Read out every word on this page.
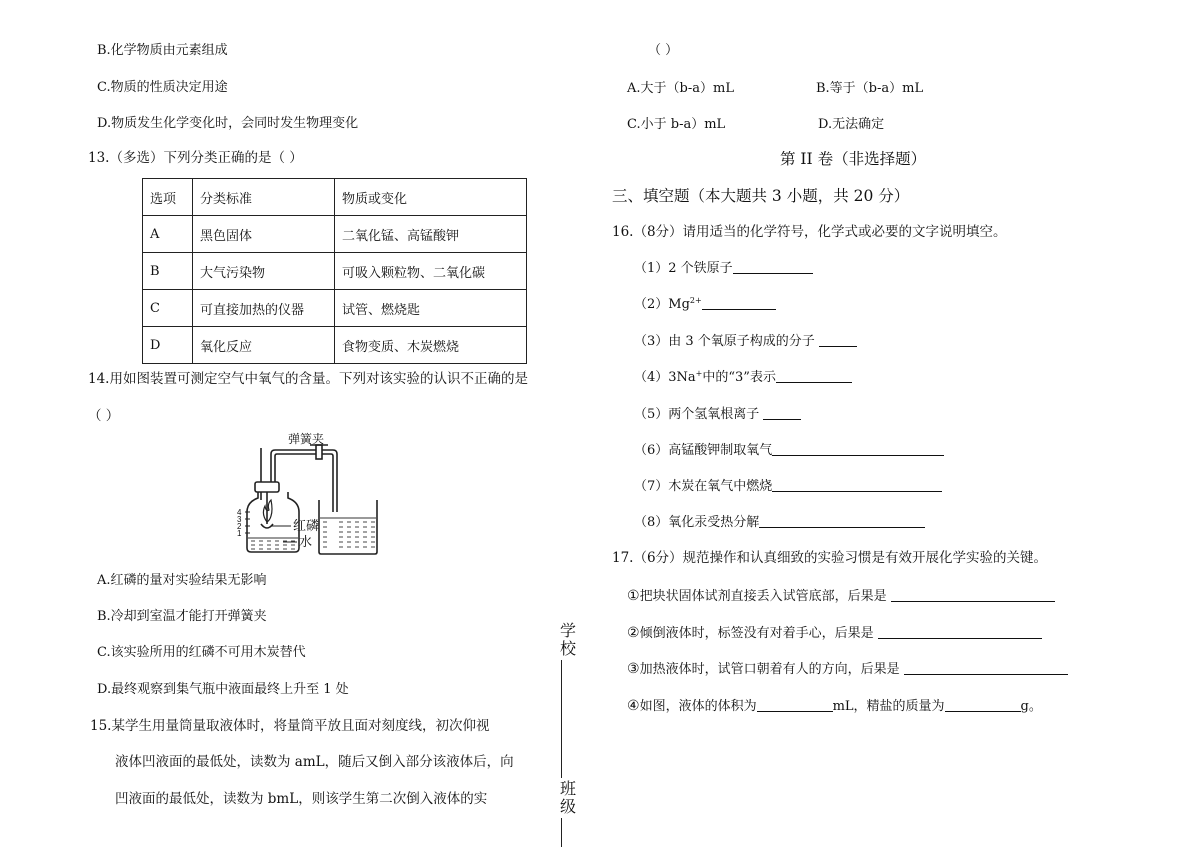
B.化学物质由元素组成
C.物质的性质决定用途
D.物质发生化学变化时，会同时发生物理变化
13.（多选）下列分类正确的是（ ）
选项	分类标准	物质或变化
A	黑色固体	二氧化锰、高锰酸钾
B	大气污染物	可吸入颗粒物、二氧化碳
C	可直接加热的仪器	试管、燃烧匙
D	氧化反应	食物变质、木炭燃烧
14.用如图装置可测定空气中氧气的含量。下列对该实验的认识不正确的是
（ ）
弹簧夹
红磷
水
4
3
2
1
A.红磷的量对实验结果无影响
B.冷却到室温才能打开弹簧夹
C.该实验所用的红磷不可用木炭替代
D.最终观察到集气瓶中液面最终上升至 1 处
15.某学生用量筒量取液体时，将量筒平放且面对刻度线，初次仰视
液体凹液面的最低处，读数为 amL，随后又倒入部分该液体后，向
凹液面的最低处，读数为 bmL，则该学生第二次倒入液体的实
学校
班级
（ ）
A.大于（b-a）mL	B.等于（b-a）mL
C.小于 b-a）mL	D.无法确定
第 II 卷（非选择题）
三、填空题（本大题共 3 小题，共 20 分）
16.（8分）请用适当的化学符号，化学式或必要的文字说明填空。
（1）2 个铁原子
$(2)Mg^{2+}$
（3）由 3 个氧原子构成的分子
（4）3Na+中的“3”表示
（5）两个氢氧根离子
（6）高锰酸钾制取氧气
（7）木炭在氧气中燃烧
（8）氧化汞受热分解
17.（6分）规范操作和认真细致的实验习惯是有效开展化学实验的关键。
①把块状固体试剂直接丢入试管底部，后果是
②倾倒液体时，标签没有对着手心，后果是
③加热液体时，试管口朝着有人的方向，后果是
④如图，液体的体积为	mL，精盐的质量为	g。
